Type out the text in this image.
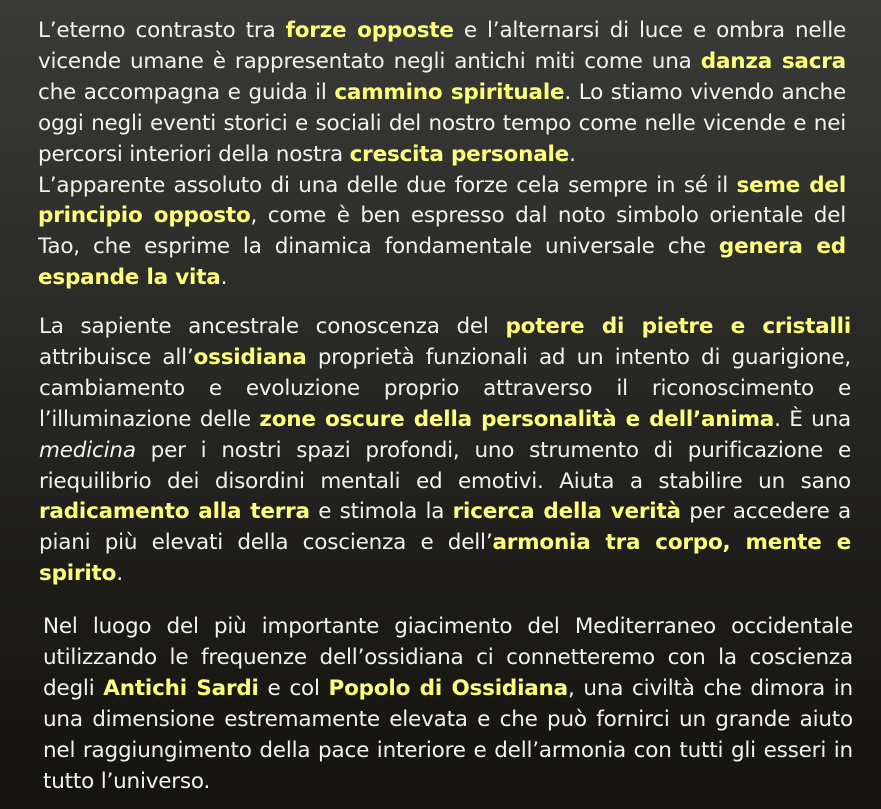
L’eterno contrasto tra forze opposte e l’alternarsi di luce e ombra nelle vicende umane è rappresentato negli antichi miti come una danza sacra che accompagna e guida il cammino spirituale. Lo stiamo vivendo anche oggi negli eventi storici e sociali del nostro tempo come nelle vicende e nei percorsi interiori della nostra crescita personale.
L’apparente assoluto di una delle due forze cela sempre in sé il seme del principio opposto, come è ben espresso dal noto simbolo orientale del Tao, che esprime la dinamica fondamentale universale che genera ed espande la vita.
La sapiente ancestrale conoscenza del potere di pietre e cristalli attribuisce all’ossidiana proprietà funzionali ad un intento di guarigione, cambiamento e evoluzione proprio attraverso il riconoscimento e l’illuminazione delle zone oscure della personalità e dell’anima. È una medicina per i nostri spazi profondi, uno strumento di purificazione e riequilibrio dei disordini mentali ed emotivi. Aiuta a stabilire un sano radicamento alla terra e stimola la ricerca della verità per accedere a piani più elevati della coscienza e dell’armonia tra corpo, mente e spirito.
Nel luogo del più importante giacimento del Mediterraneo occidentale utilizzando le frequenze dell’ossidiana ci connetteremo con la coscienza degli Antichi Sardi e col Popolo di Ossidiana, una civiltà che dimora in una dimensione estremamente elevata e che può fornirci un grande aiuto nel raggiungimento della pace interiore e dell’armonia con tutti gli esseri in tutto l’universo.
